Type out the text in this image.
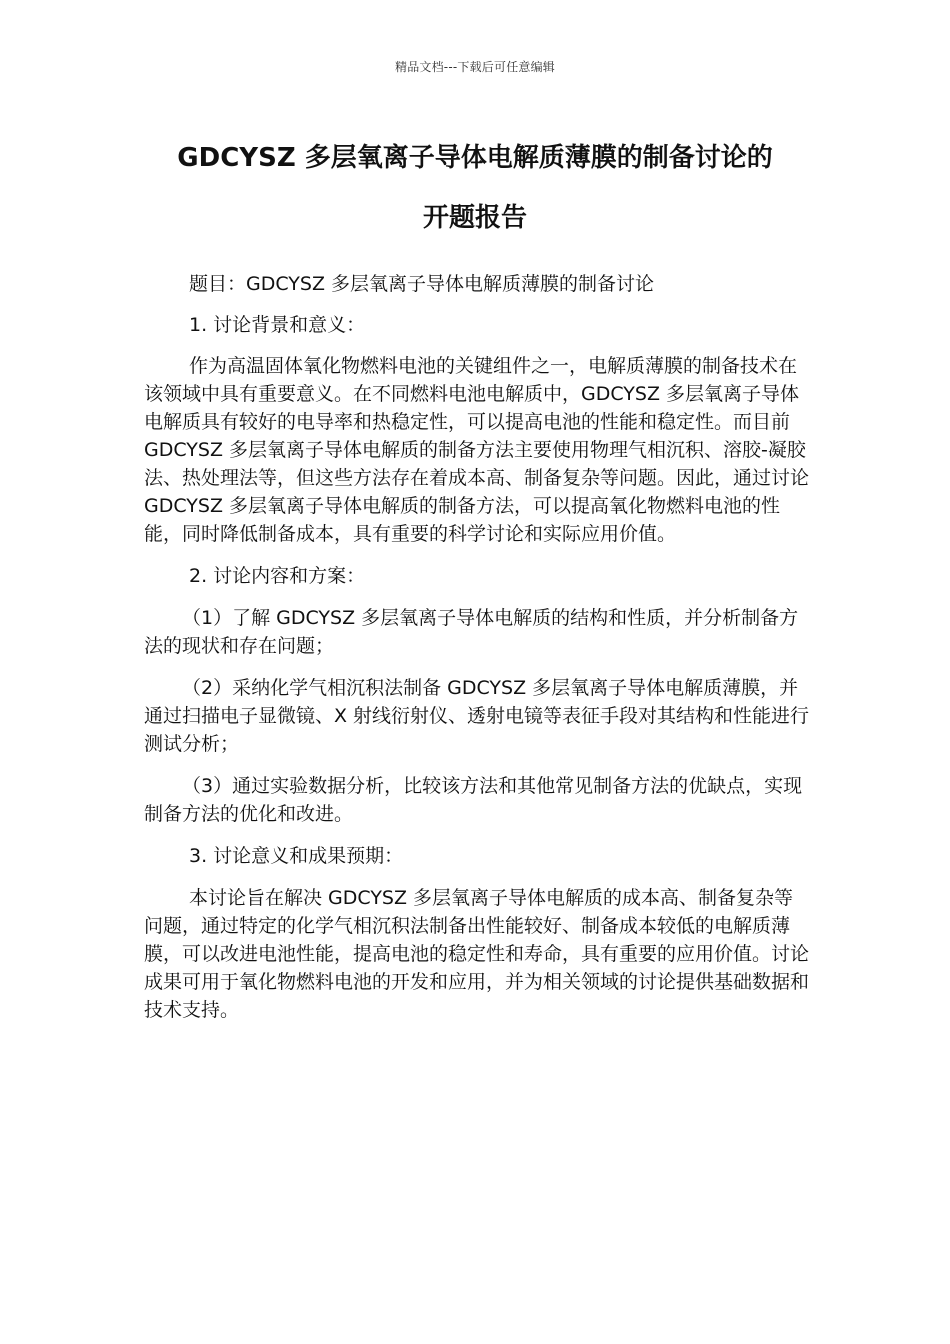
精品文档---下载后可任意编辑
GDCYSZ 多层氧离子导体电解质薄膜的制备讨论的
开题报告

题目：GDCYSZ 多层氧离子导体电解质薄膜的制备讨论

1. 讨论背景和意义：

作为高温固体氧化物燃料电池的关键组件之一，电解质薄膜的制备技术在该领域中具有重要意义。在不同燃料电池电解质中，GDCYSZ 多层氧离子导体电解质具有较好的电导率和热稳定性，可以提高电池的性能和稳定性。而目前 GDCYSZ 多层氧离子导体电解质的制备方法主要使用物理气相沉积、溶胶-凝胶法、热处理法等，但这些方法存在着成本高、制备复杂等问题。因此，通过讨论 GDCYSZ 多层氧离子导体电解质的制备方法，可以提高氧化物燃料电池的性能，同时降低制备成本，具有重要的科学讨论和实际应用价值。

2. 讨论内容和方案：

（1）了解 GDCYSZ 多层氧离子导体电解质的结构和性质，并分析制备方法的现状和存在问题；

（2）采纳化学气相沉积法制备 GDCYSZ 多层氧离子导体电解质薄膜，并通过扫描电子显微镜、X 射线衍射仪、透射电镜等表征手段对其结构和性能进行测试分析；

（3）通过实验数据分析，比较该方法和其他常见制备方法的优缺点，实现制备方法的优化和改进。

3. 讨论意义和成果预期：

本讨论旨在解决 GDCYSZ 多层氧离子导体电解质的成本高、制备复杂等问题，通过特定的化学气相沉积法制备出性能较好、制备成本较低的电解质薄膜，可以改进电池性能，提高电池的稳定性和寿命，具有重要的应用价值。讨论成果可用于氧化物燃料电池的开发和应用，并为相关领域的讨论提供基础数据和技术支持。
